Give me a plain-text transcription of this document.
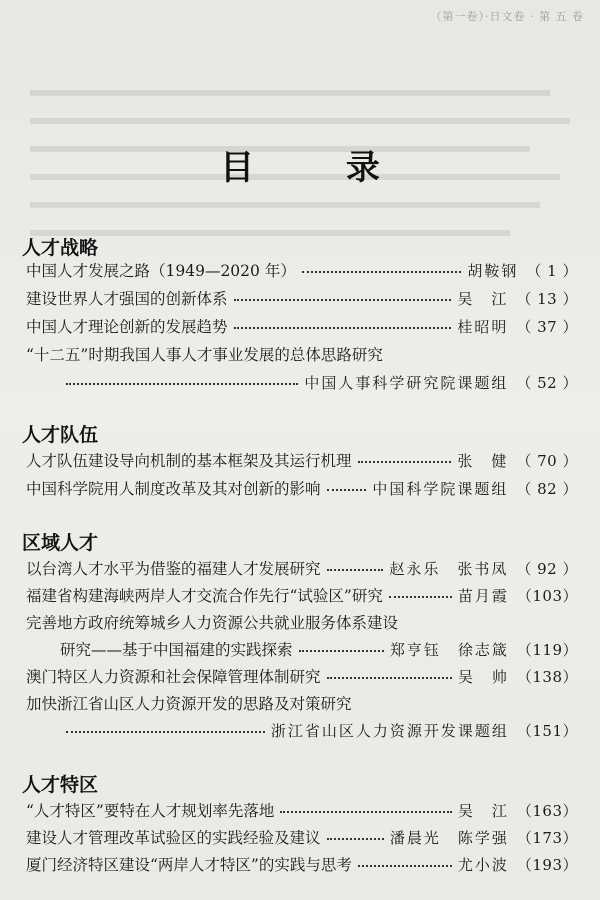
（第一卷）·日文卷 · 第 五 卷
目 录
人才战略
中国人才发展之路（1949—2020 年）	胡鞍钢 （ 1 ）
建设世界人才强国的创新体系	吴　江 （ 13 ）
中国人才理论创新的发展趋势	桂昭明 （ 37 ）
“十二五”时期我国人事人才事业发展的总体思路研究
中国人事科学研究院课题组 （ 52 ）
人才队伍
人才队伍建设导向机制的基本框架及其运行机理	张　健 （ 70 ）
中国科学院用人制度改革及其对创新的影响	中国科学院课题组 （ 82 ）
区域人才
以台湾人才水平为借鉴的福建人才发展研究	赵永乐　张书凤 （ 92 ）
福建省构建海峡两岸人才交流合作先行“试验区”研究	苗月霞 （103）
完善地方政府统筹城乡人力资源公共就业服务体系建设
研究——基于中国福建的实践探索	郑亨钰　徐志箴 （119）
澳门特区人力资源和社会保障管理体制研究	吴　帅 （138）
加快浙江省山区人力资源开发的思路及对策研究
浙江省山区人力资源开发课题组 （151）
人才特区
“人才特区”要特在人才规划率先落地	吴　江 （163）
建设人才管理改革试验区的实践经验及建议	潘晨光　陈学强 （173）
厦门经济特区建设“两岸人才特区”的实践与思考	尤小波 （193）
